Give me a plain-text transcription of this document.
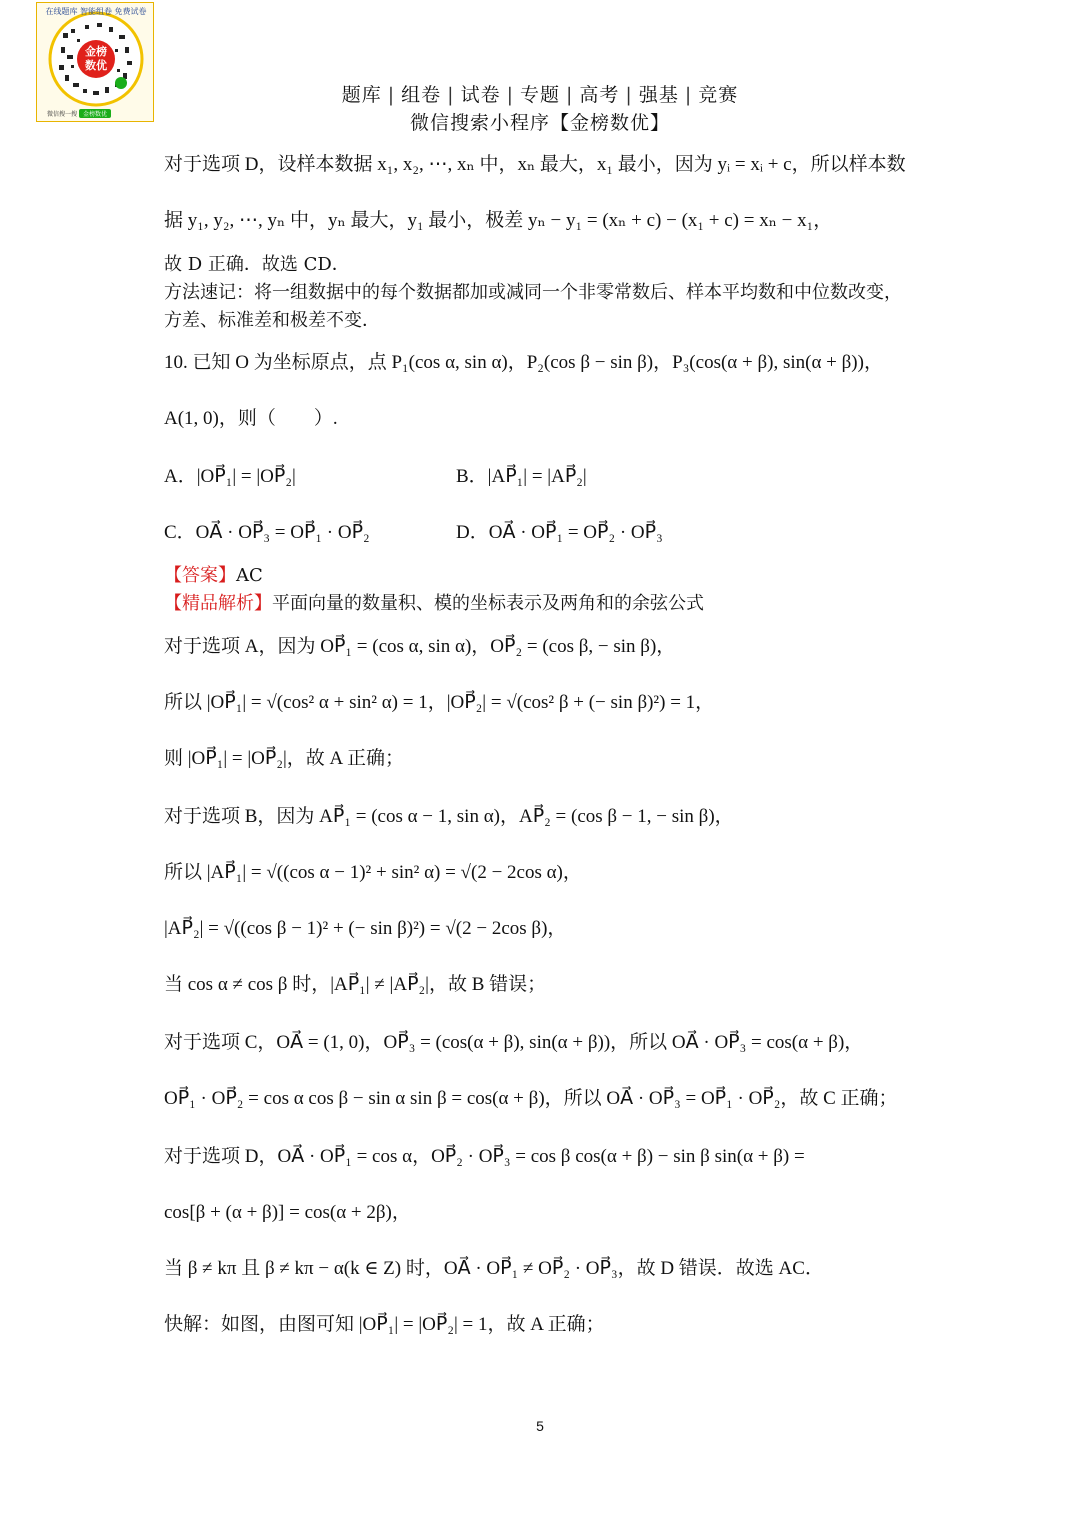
在线题库 智能组卷 免费试卷
金榜
数优
微信搜一搜 金榜数优
题库 | 组卷 | 试卷 | 专题 | 高考 | 强基 | 竞赛
微信搜索小程序【金榜数优】
对于选项 D，设样本数据 x₁, x₂, ⋯, xₙ 中，xₙ 最大，x₁ 最小，因为 yᵢ = xᵢ + c，所以样本数
据 y₁, y₂, ⋯, yₙ 中，yₙ 最大，y₁ 最小，极差 yₙ − y₁ = (xₙ + c) − (x₁ + c) = xₙ − x₁，
故 D 正确．故选 CD．
方法速记：将一组数据中的每个数据都加或减同一个非零常数后、样本平均数和中位数改变，
方差、标准差和极差不变．
10. 已知 O 为坐标原点，点 P₁(cos α, sin α)，P₂(cos β − sin β)，P₃(cos(α + β), sin(α + β))，
A(1, 0)，则（　　）.
A．|OP⃗₁| = |OP⃗₂|	B．|AP⃗₁| = |AP⃗₂|
C．OA⃗ · OP⃗₃ = OP⃗₁ · OP⃗₂	D．OA⃗ · OP⃗₁ = OP⃗₂ · OP⃗₃
【答案】AC
【精品解析】平面向量的数量积、模的坐标表示及两角和的余弦公式
对于选项 A，因为 OP⃗₁ = (cos α, sin α)，OP⃗₂ = (cos β, − sin β)，
所以 |OP⃗₁| = √(cos² α + sin² α) = 1，|OP⃗₂| = √(cos² β + (− sin β)²) = 1，
则 |OP⃗₁| = |OP⃗₂|，故 A 正确；
对于选项 B，因为 AP⃗₁ = (cos α − 1, sin α)，AP⃗₂ = (cos β − 1, − sin β)，
所以 |AP⃗₁| = √((cos α − 1)² + sin² α) = √(2 − 2cos α)，
|AP⃗₂| = √((cos β − 1)² + (− sin β)²) = √(2 − 2cos β)，
当 cos α ≠ cos β 时，|AP⃗₁| ≠ |AP⃗₂|，故 B 错误；
对于选项 C，OA⃗ = (1, 0)，OP⃗₃ = (cos(α + β), sin(α + β))，所以 OA⃗ · OP⃗₃ = cos(α + β)，
OP⃗₁ · OP⃗₂ = cos α cos β − sin α sin β = cos(α + β)，所以 OA⃗ · OP⃗₃ = OP⃗₁ · OP⃗₂，故 C 正确；
对于选项 D，OA⃗ · OP⃗₁ = cos α，OP⃗₂ · OP⃗₃ = cos β cos(α + β) − sin β sin(α + β) =
cos[β + (α + β)] = cos(α + 2β)，
当 β ≠ kπ 且 β ≠ kπ − α(k ∈ Z) 时，OA⃗ · OP⃗₁ ≠ OP⃗₂ · OP⃗₃，故 D 错误．故选 AC．
快解：如图，由图可知 |OP⃗₁| = |OP⃗₂| = 1，故 A 正确；
5
